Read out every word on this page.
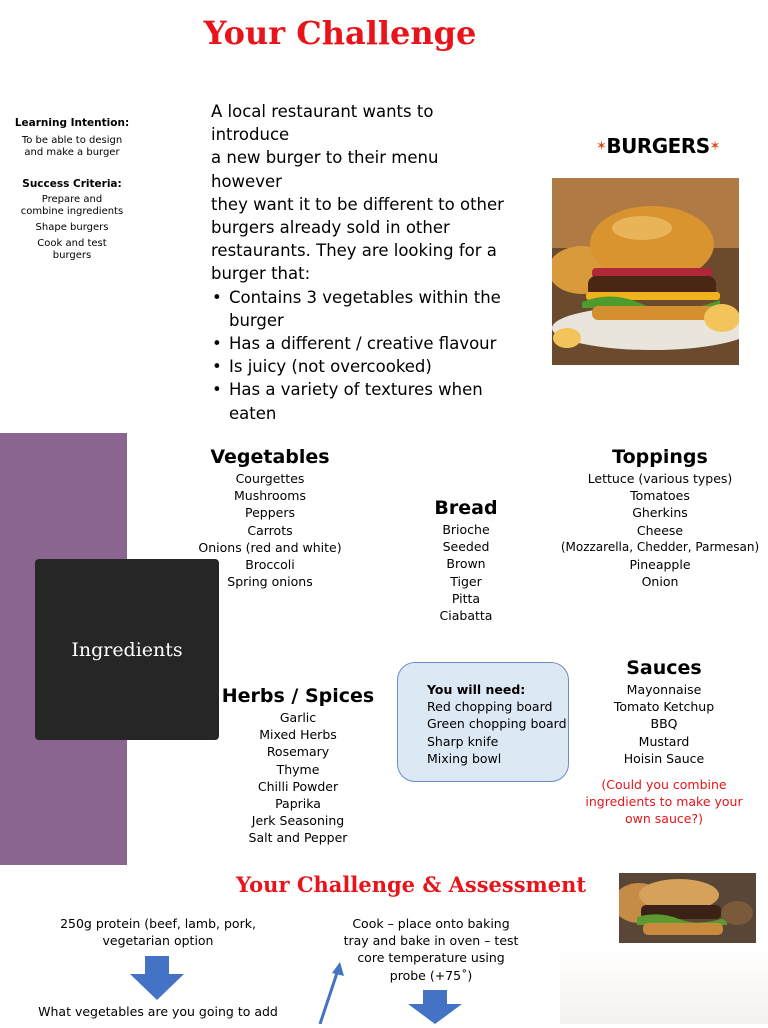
Your Challenge
Learning Intention:
To be able to design
and make a burger
Success Criteria:
Prepare and
combine ingredients
Shape burgers
Cook and test
burgers
A local restaurant wants to introduce
a new burger to their menu however
they want it to be different to other
burgers already sold in other
restaurants. They are looking for a
burger that:
• Contains 3 vegetables within the
burger
• Has a different / creative flavour
• Is juicy (not overcooked)
• Has a variety of textures when
eaten
✶BURGERS✶
Ingredients
Vegetables
Courgettes
Mushrooms
Peppers
Carrots
Onions (red and white)
Broccoli
Spring onions
Bread
Brioche
Seeded
Brown
Tiger
Pitta
Ciabatta
Toppings
Lettuce (various types)
Tomatoes
Gherkins
Cheese
(Mozzarella, Chedder, Parmesan)
Pineapple
Onion
Herbs / Spices
Garlic
Mixed Herbs
Rosemary
Thyme
Chilli Powder
Paprika
Jerk Seasoning
Salt and Pepper
You will need:
Red chopping board
Green chopping board
Sharp knife
Mixing bowl
Sauces
Mayonnaise
Tomato Ketchup
BBQ
Mustard
Hoisin Sauce
(Could you combine
ingredients to make your
own sauce?)
Your Challenge & Assessment
250g protein (beef, lamb, pork,
vegetarian option
What vegetables are you going to add
Cook – place onto baking
tray and bake in oven – test
core temperature using
probe (+75˚)
